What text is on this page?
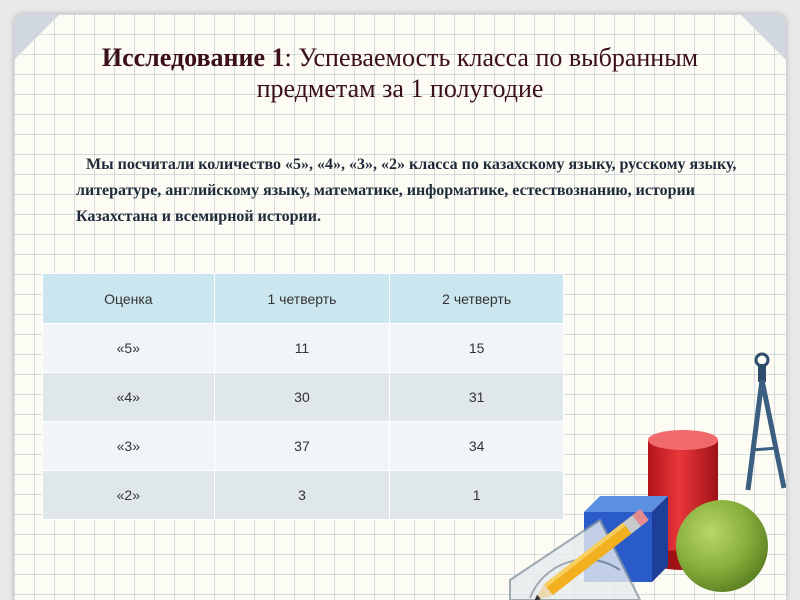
Исследование 1: Успеваемость класса по выбранным предметам за 1 полугодие
Мы посчитали количество «5», «4», «3», «2» класса по казахскому языку, русскому языку, литературе, английскому языку, математике, информатике, естествознанию, истории Казахстана и всемирной истории.
Оценка	1 четверть	2 четверть
«5»	11	15
«4»	30	31
«3»	37	34
«2»	3	1
